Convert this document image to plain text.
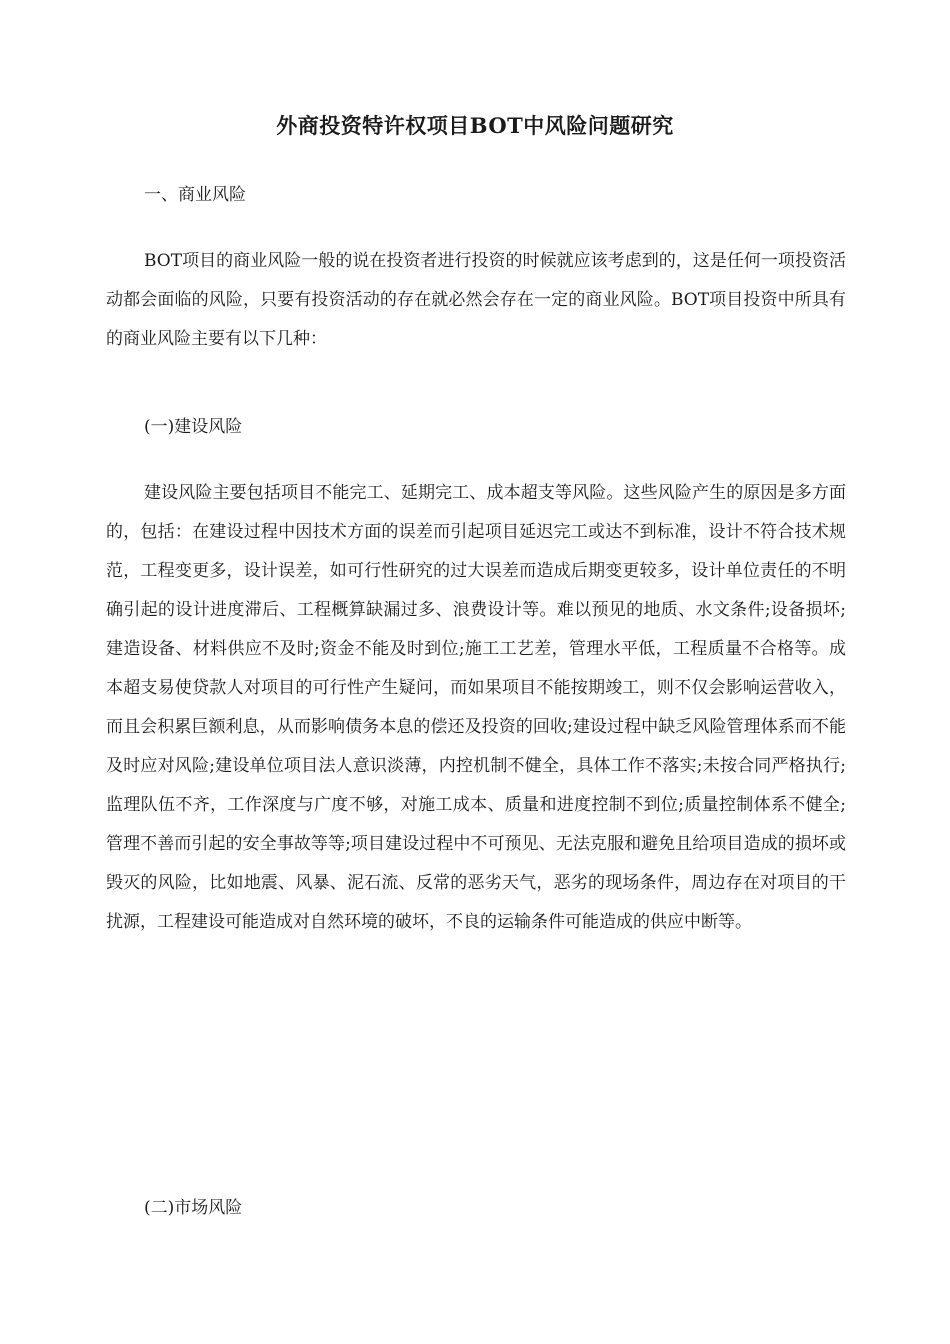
外商投资特许权项目BOT中风险问题研究
一、商业风险

BOT项目的商业风险一般的说在投资者进行投资的时候就应该考虑到的，这是任何一项投资活动都会面临的风险，只要有投资活动的存在就必然会存在一定的商业风险。BOT项目投资中所具有的商业风险主要有以下几种：

(一)建设风险

建设风险主要包括项目不能完工、延期完工、成本超支等风险。这些风险产生的原因是多方面的，包括：在建设过程中因技术方面的误差而引起项目延迟完工或达不到标准，设计不符合技术规范，工程变更多，设计误差，如可行性研究的过大误差而造成后期变更较多，设计单位责任的不明确引起的设计进度滞后、工程概算缺漏过多、浪费设计等。难以预见的地质、水文条件;设备损坏;建造设备、材料供应不及时;资金不能及时到位;施工工艺差，管理水平低，工程质量不合格等。成本超支易使贷款人对项目的可行性产生疑问，而如果项目不能按期竣工，则不仅会影响运营收入，而且会积累巨额利息，从而影响债务本息的偿还及投资的回收;建设过程中缺乏风险管理体系而不能及时应对风险;建设单位项目法人意识淡薄，内控机制不健全，具体工作不落实;未按合同严格执行;监理队伍不齐，工作深度与广度不够，对施工成本、质量和进度控制不到位;质量控制体系不健全;管理不善而引起的安全事故等等;项目建设过程中不可预见、无法克服和避免且给项目造成的损坏或毁灭的风险，比如地震、风暴、泥石流、反常的恶劣天气，恶劣的现场条件，周边存在对项目的干扰源，工程建设可能造成对自然环境的破坏，不良的运输条件可能造成的供应中断等。

(二)市场风险
